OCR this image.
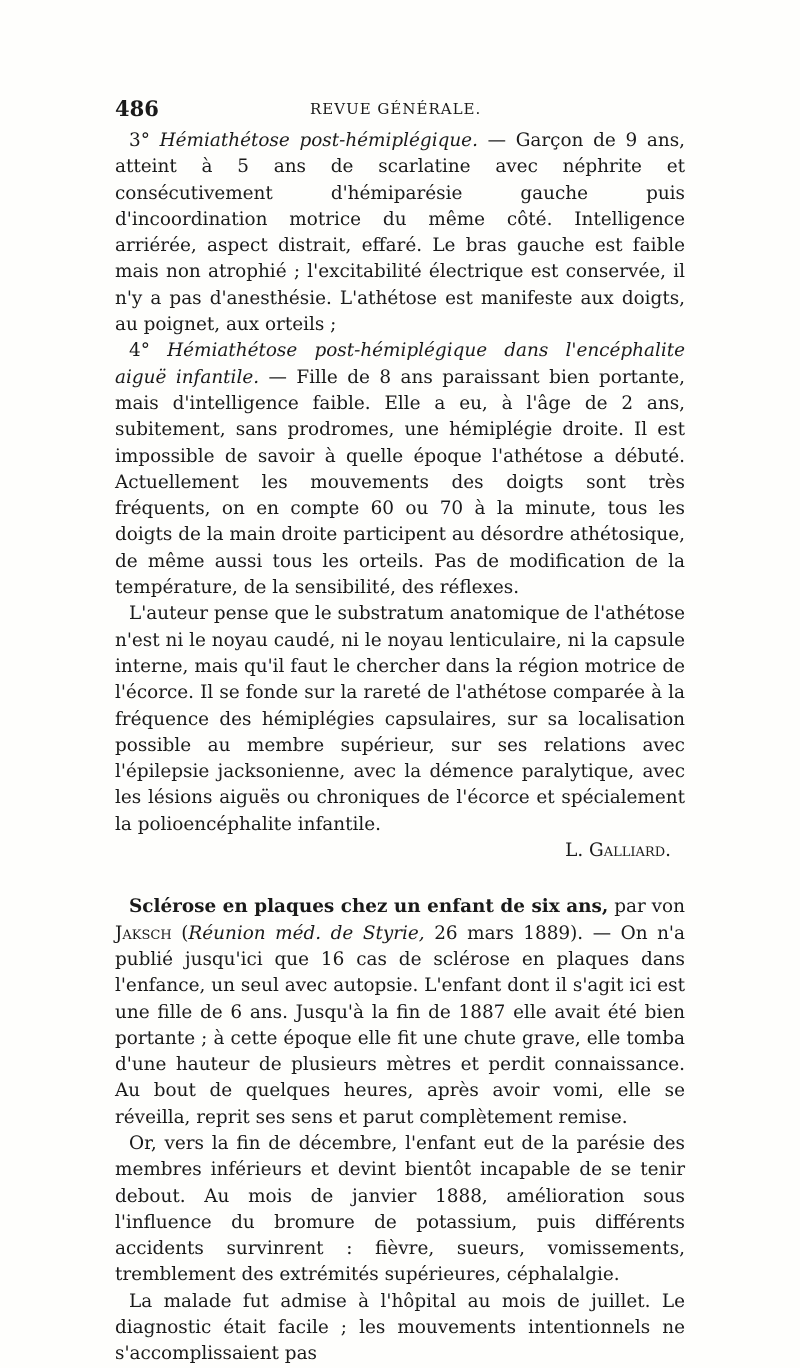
486	REVUE GÉNÉRALE.

3° Hémiathétose post-hémiplégique. — Garçon de 9 ans, atteint à 5 ans de scarlatine avec néphrite et consécutivement d'hémiparésie gauche puis d'incoordination motrice du même côté. Intelligence arriérée, aspect distrait, effaré. Le bras gauche est faible mais non atrophié ; l'excitabilité électrique est conservée, il n'y a pas d'anesthésie. L'athétose est manifeste aux doigts, au poignet, aux orteils ;

4° Hémiathétose post-hémiplégique dans l'encéphalite aiguë infantile. — Fille de 8 ans paraissant bien portante, mais d'intelligence faible. Elle a eu, à l'âge de 2 ans, subitement, sans prodromes, une hémiplégie droite. Il est impossible de savoir à quelle époque l'athétose a débuté. Actuellement les mouvements des doigts sont très fréquents, on en compte 60 ou 70 à la minute, tous les doigts de la main droite participent au désordre athétosique, de même aussi tous les orteils. Pas de modification de la température, de la sensibilité, des réflexes.

L'auteur pense que le substratum anatomique de l'athétose n'est ni le noyau caudé, ni le noyau lenticulaire, ni la capsule interne, mais qu'il faut le chercher dans la région motrice de l'écorce. Il se fonde sur la rareté de l'athétose comparée à la fréquence des hémiplégies capsulaires, sur sa localisation possible au membre supérieur, sur ses relations avec l'épilepsie jacksonienne, avec la démence paralytique, avec les lésions aiguës ou chroniques de l'écorce et spécialement la polioencéphalite infantile.

L. Galliard.

Sclérose en plaques chez un enfant de six ans, par von Jaksch (Réunion méd. de Styrie, 26 mars 1889). — On n'a publié jusqu'ici que 16 cas de sclérose en plaques dans l'enfance, un seul avec autopsie. L'enfant dont il s'agit ici est une fille de 6 ans. Jusqu'à la fin de 1887 elle avait été bien portante ; à cette époque elle fit une chute grave, elle tomba d'une hauteur de plusieurs mètres et perdit connaissance. Au bout de quelques heures, après avoir vomi, elle se réveilla, reprit ses sens et parut complètement remise.

Or, vers la fin de décembre, l'enfant eut de la parésie des membres inférieurs et devint bientôt incapable de se tenir debout. Au mois de janvier 1888, amélioration sous l'influence du bromure de potassium, puis différents accidents survinrent : fièvre, sueurs, vomissements, tremblement des extrémités supérieures, céphalalgie.

La malade fut admise à l'hôpital au mois de juillet. Le diagnostic était facile ; les mouvements intentionnels ne s'accomplissaient pas
